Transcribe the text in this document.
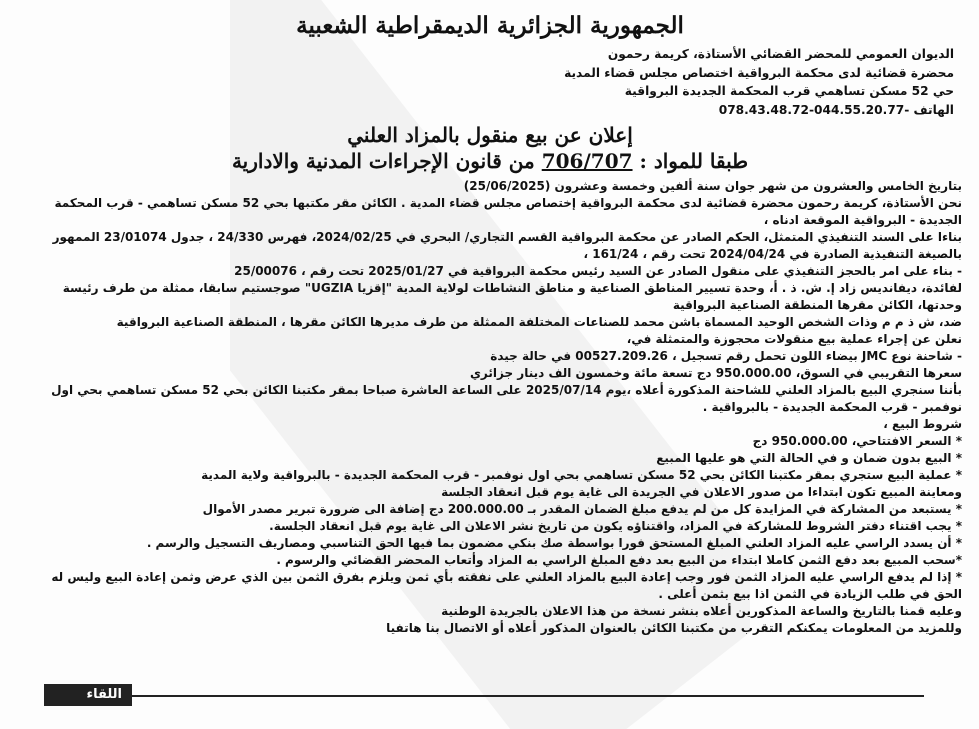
الجمهورية الجزائرية الديمقراطية الشعبية
الديوان العمومي للمحضر القضائي الأستاذة، كريمة رحمون
محضرة قضائية لدى محكمة البرواقية اختصاص مجلس قضاء المدية
حي 52 مسكن تساهمي قرب المحكمة الجديدة البرواقية
الهاتف -044.55.20.77-078.43.48.72
إعلان عن بيع منقول بالمزاد العلني
طبقا للمواد : 706/707 من قانون الإجراءات المدنية والادارية

بتاريخ الخامس والعشرون من شهر جوان سنة ألفين وخمسة وعشرون (25/06/2025)

نحن الأستاذة، كريمة رحمون محضرة قضائية لدى محكمة البرواقية إختصاص مجلس قضاء المدية . الكائن مقر مكتبها بحي 52 مسكن تساهمي - قرب المحكمة

الجديدة - البرواقية الموقعة ادناه ،

بناءا على السند التنفيذي المتمثل، الحكم الصادر عن محكمة البرواقية القسم التجاري/ البحري في 2024/02/25، فهرس 24/330 ، جدول 23/01074 الممهور

بالصيغة التنفيذية الصادرة في 2024/04/24 تحت رقم ، 161/24 ،

- بناء على امر بالحجز التنفيذي على منقول الصادر عن السيد رئيس محكمة البرواقية في 2025/01/27 تحت رقم ، 25/00076

لفائدة، ديفانديس زاد إ. ش. ذ . أ، وحدة تسيير المناطق الصناعية و مناطق النشاطات لولاية المدية "إقزيا UGZIA" صوجستيم سابقا، ممثلة من طرف رئيسة

وحدتها، الكائن مقرها المنطقة الصناعية البرواقية

ضد، ش ذ م م وذات الشخص الوحيد المسماة باشن محمد للصناعات المختلفة الممثلة من طرف مديرها الكائن مقرها ، المنطقة الصناعية البرواقية

نعلن عن إجراء عملية بيع منقولات محجوزة والمتمثلة في،

- شاحنة نوع JMC بيضاء اللون تحمل رقم تسجيل ، 00527.209.26 في حالة جيدة

سعرها التقريبي في السوق، 950.000.00 دج تسعة مائة وخمسون الف دينار جزائري

بأننا سنجري البيع بالمزاد العلني للشاحنة المذكورة أعلاه ،يوم 2025/07/14 على الساعة العاشرة صباحا بمقر مكتبنا الكائن بحي 52 مسكن تساهمي بحي اول

نوفمبر - قرب المحكمة الجديدة - بالبرواقية .

شروط البيع ،

* السعر الافتتاحي، 950.000.00 دج

* البيع بدون ضمان و في الحالة التي هو عليها المبيع

* عملية البيع ستجري بمقر مكتبنا الكائن بحي 52 مسكن تساهمي بحي اول نوفمبر - قرب المحكمة الجديدة - بالبرواقية ولاية المدية

ومعاينة المبيع تكون ابتداءا من صدور الاعلان في الجريدة الى غاية يوم قبل انعقاد الجلسة

* يستبعد من المشاركة في المزايدة كل من لم يدفع مبلغ الضمان المقدر بـ 200.000.00 دج إضافة الى ضرورة تبرير مصدر الأموال

* يجب اقتناء دفتر الشروط للمشاركة في المزاد، واقتناؤه يكون من تاريخ نشر الاعلان الى غاية يوم قبل انعقاد الجلسة.

* أن يسدد الراسي عليه المزاد العلني المبلغ المستحق فورا بواسطة صك بنكي مضمون بما فيها الحق التناسبي ومصاريف التسجيل والرسم .

*سحب المبيع بعد دفع الثمن كاملا ابتداء من البيع بعد دفع المبلغ الراسي به المزاد وأتعاب المحضر القضائي والرسوم .

* إذا لم يدفع الراسي عليه المزاد الثمن فور وجب إعادة البيع بالمزاد العلني على نفقته بأي ثمن ويلزم بفرق الثمن بين الذي عرض وثمن إعادة البيع وليس له

الحق في طلب الزيادة في الثمن اذا بيع بثمن أعلى .

وعليه قمنا بالتاريخ والساعة المذكورين أعلاه بنشر نسخة من هذا الاعلان بالجريدة الوطنية

وللمزيد من المعلومات يمكنكم التقرب من مكتبنا الكائن بالعنوان المذكور أعلاه أو الاتصال بنا هاتفيا

اللقاء
